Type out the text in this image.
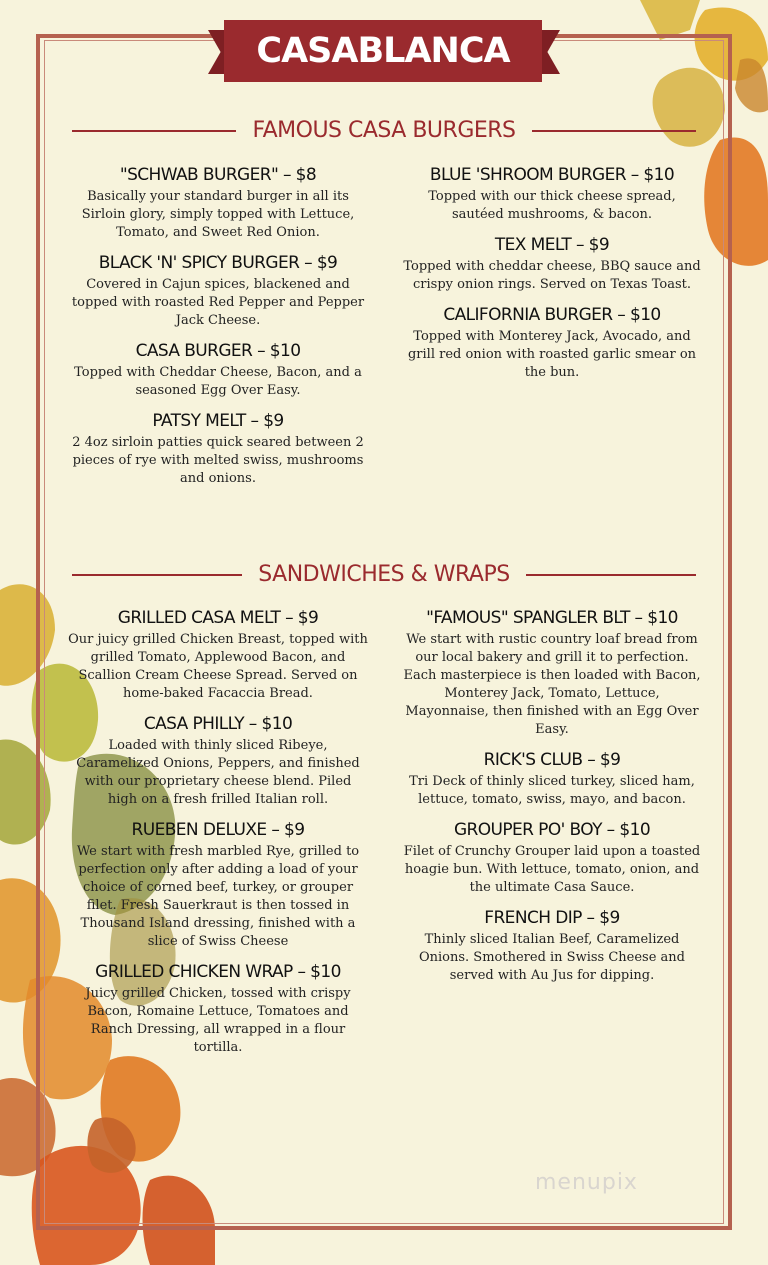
CASABLANCA
FAMOUS CASA BURGERS
"SCHWAB BURGER" – $8
Basically your standard burger in all its Sirloin glory, simply topped with Lettuce, Tomato, and Sweet Red Onion.
BLACK 'N' SPICY BURGER – $9
Covered in Cajun spices, blackened and topped with roasted Red Pepper and Pepper Jack Cheese.
CASA BURGER – $10
Topped with Cheddar Cheese, Bacon, and a seasoned Egg Over Easy.
PATSY MELT – $9
2 4oz sirloin patties quick seared between 2 pieces of rye with melted swiss, mushrooms and onions.
BLUE 'SHROOM BURGER – $10
Topped with our thick cheese spread, sautéed mushrooms, & bacon.
TEX MELT – $9
Topped with cheddar cheese, BBQ sauce and crispy onion rings. Served on Texas Toast.
CALIFORNIA BURGER – $10
Topped with Monterey Jack, Avocado, and grill red onion with roasted garlic smear on the bun.
SANDWICHES & WRAPS
GRILLED CASA MELT – $9
Our juicy grilled Chicken Breast, topped with grilled Tomato, Applewood Bacon, and Scallion Cream Cheese Spread. Served on home-baked Facaccia Bread.
CASA PHILLY – $10
Loaded with thinly sliced Ribeye, Caramelized Onions, Peppers, and finished with our proprietary cheese blend. Piled high on a fresh frilled Italian roll.
RUEBEN DELUXE – $9
We start with fresh marbled Rye, grilled to perfection only after adding a load of your choice of corned beef, turkey, or grouper filet. Fresh Sauerkraut is then tossed in Thousand Island dressing, finished with a slice of Swiss Cheese
GRILLED CHICKEN WRAP – $10
Juicy grilled Chicken, tossed with crispy Bacon, Romaine Lettuce, Tomatoes and Ranch Dressing, all wrapped in a flour tortilla.
"FAMOUS" SPANGLER BLT – $10
We start with rustic country loaf bread from our local bakery and grill it to perfection. Each masterpiece is then loaded with Bacon, Monterey Jack, Tomato, Lettuce, Mayonnaise, then finished with an Egg Over Easy.
RICK'S CLUB – $9
Tri Deck of thinly sliced turkey, sliced ham, lettuce, tomato, swiss, mayo, and bacon.
GROUPER PO' BOY – $10
Filet of Crunchy Grouper laid upon a toasted hoagie bun. With lettuce, tomato, onion, and the ultimate Casa Sauce.
FRENCH DIP – $9
Thinly sliced Italian Beef, Caramelized Onions. Smothered in Swiss Cheese and served with Au Jus for dipping.
menupix
